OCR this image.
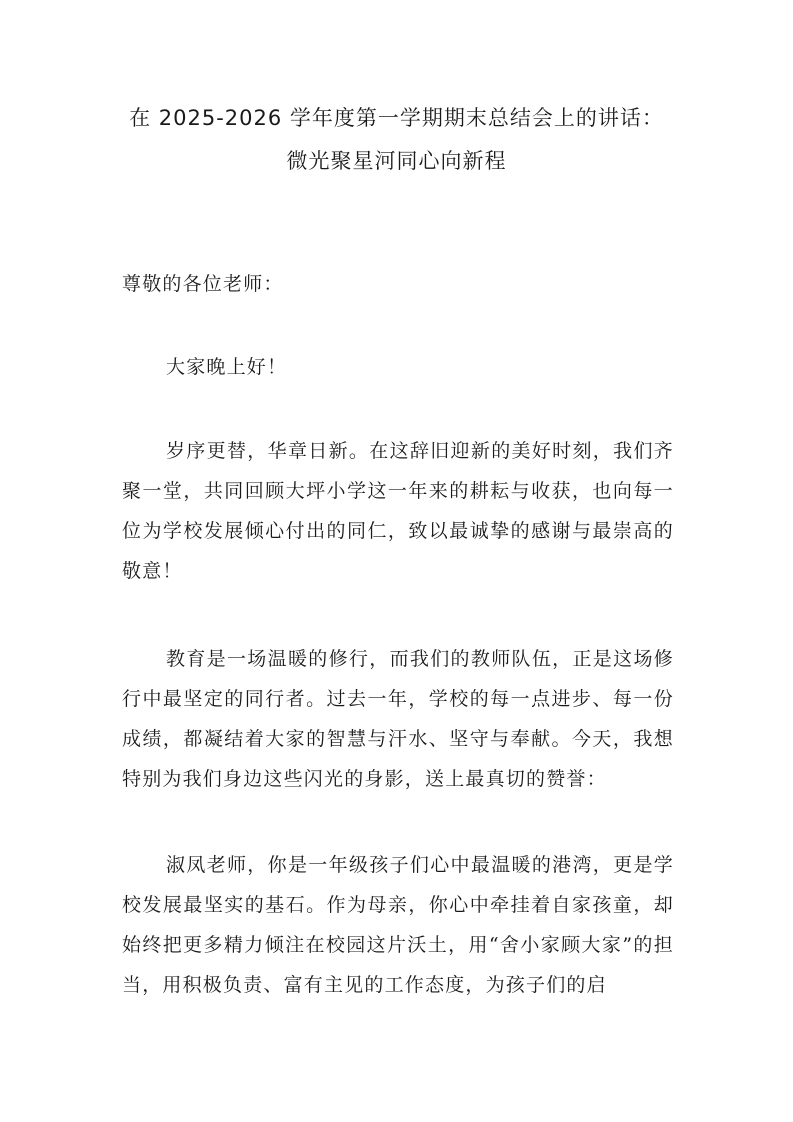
在 2025-2026 学年度第一学期期末总结会上的讲话：
微光聚星河同心向新程

尊敬的各位老师：

大家晚上好！

岁序更替，华章日新。在这辞旧迎新的美好时刻，我们齐聚一堂，共同回顾大坪小学这一年来的耕耘与收获，也向每一位为学校发展倾心付出的同仁，致以最诚挚的感谢与最崇高的敬意！

教育是一场温暖的修行，而我们的教师队伍，正是这场修行中最坚定的同行者。过去一年，学校的每一点进步、每一份成绩，都凝结着大家的智慧与汗水、坚守与奉献。今天，我想特别为我们身边这些闪光的身影，送上最真切的赞誉：

淑凤老师，你是一年级孩子们心中最温暖的港湾，更是学校发展最坚实的基石。作为母亲，你心中牵挂着自家孩童，却始终把更多精力倾注在校园这片沃土，用“舍小家顾大家”的担当，用积极负责、富有主见的工作态度，为孩子们的启
